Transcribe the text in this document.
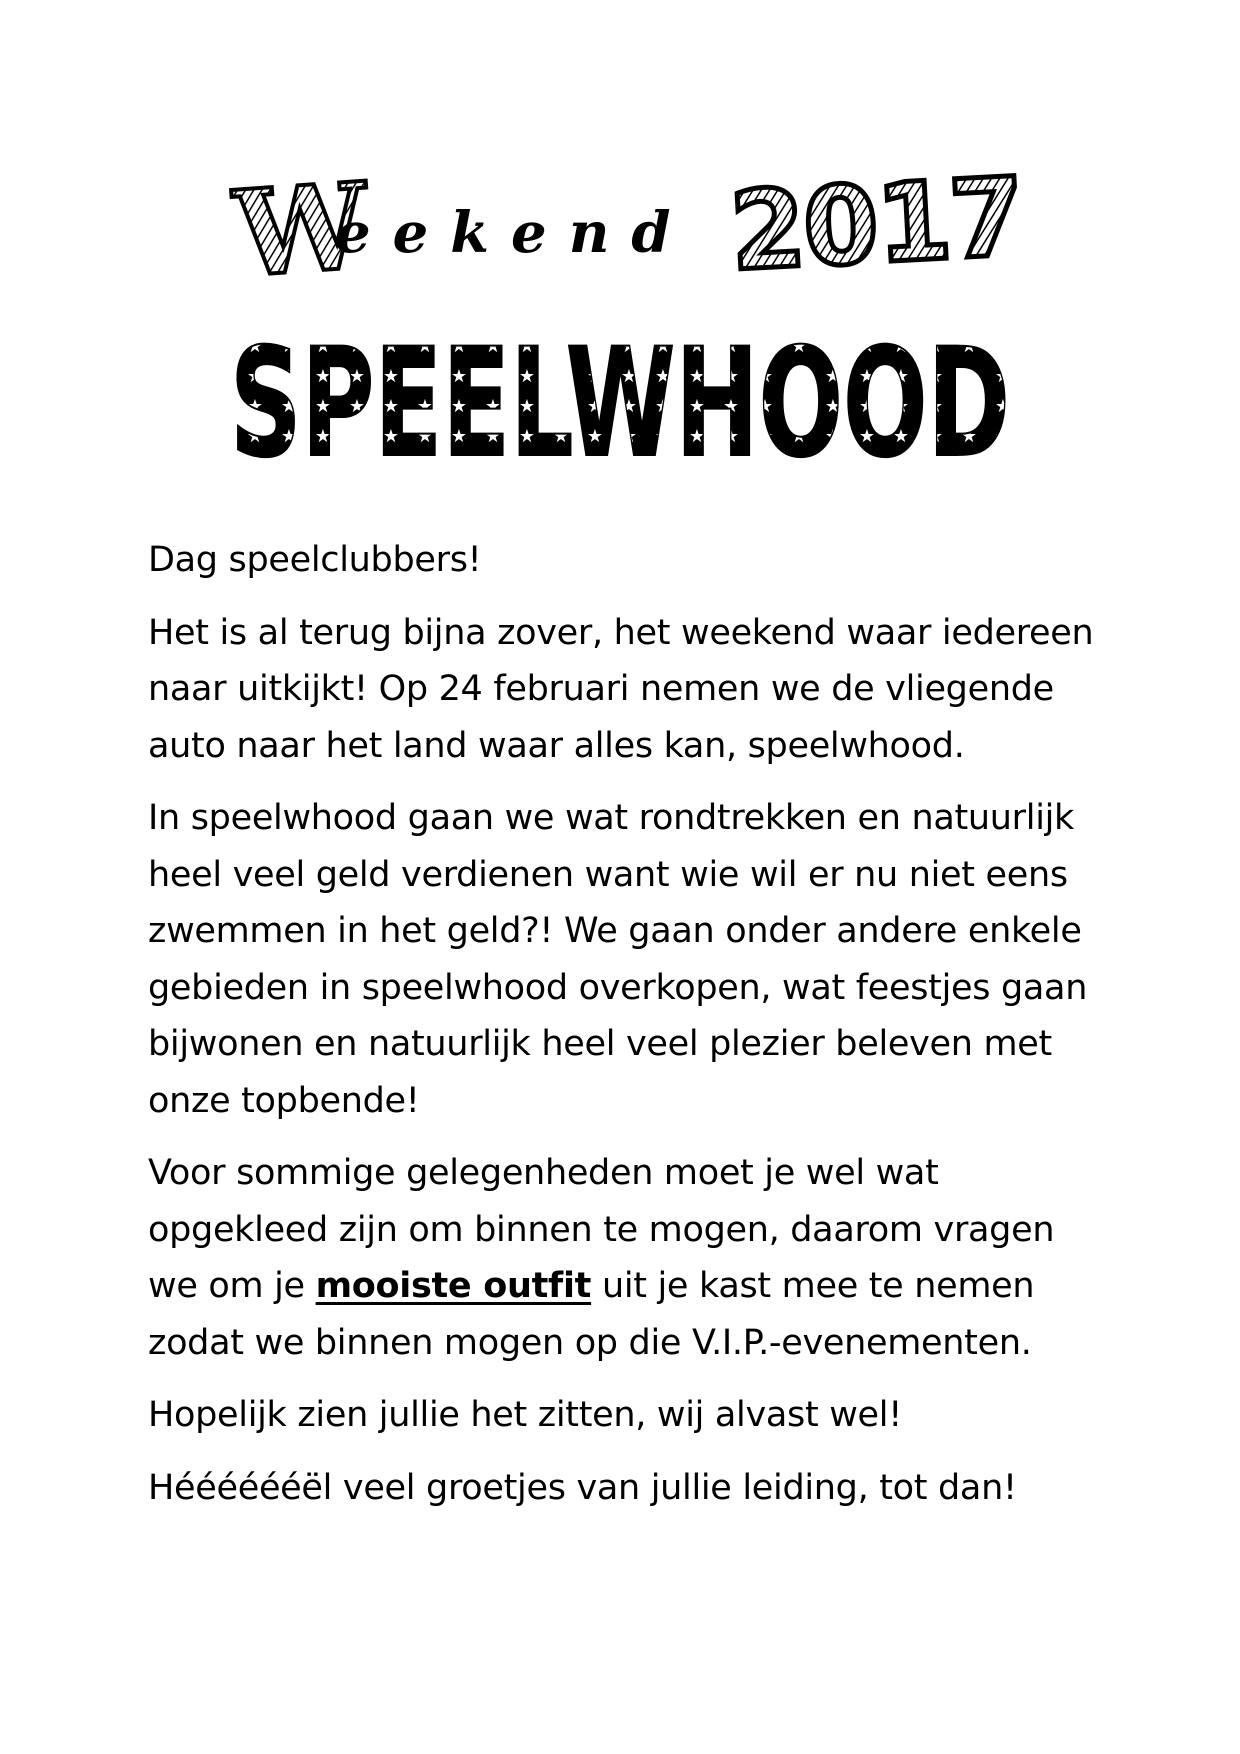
W
eekend 2017
SPEELWHOOD

Dag speelclubbers!

Het is al terug bijna zover, het weekend waar iedereen naar uitkijkt! Op 24 februari nemen we de vliegende auto naar het land waar alles kan, speelwhood.

In speelwhood gaan we wat rondtrekken en natuurlijk heel veel geld verdienen want wie wil er nu niet eens zwemmen in het geld?! We gaan onder andere enkele gebieden in speelwhood overkopen, wat feestjes gaan bijwonen en natuurlijk heel veel plezier beleven met onze topbende!

Voor sommige gelegenheden moet je wel wat opgekleed zijn om binnen te mogen, daarom vragen we om je mooiste outfit uit je kast mee te nemen zodat we binnen mogen op die V.I.P.-evenementen.

Hopelijk zien jullie het zitten, wij alvast wel!

Hééééééël veel groetjes van jullie leiding, tot dan!
